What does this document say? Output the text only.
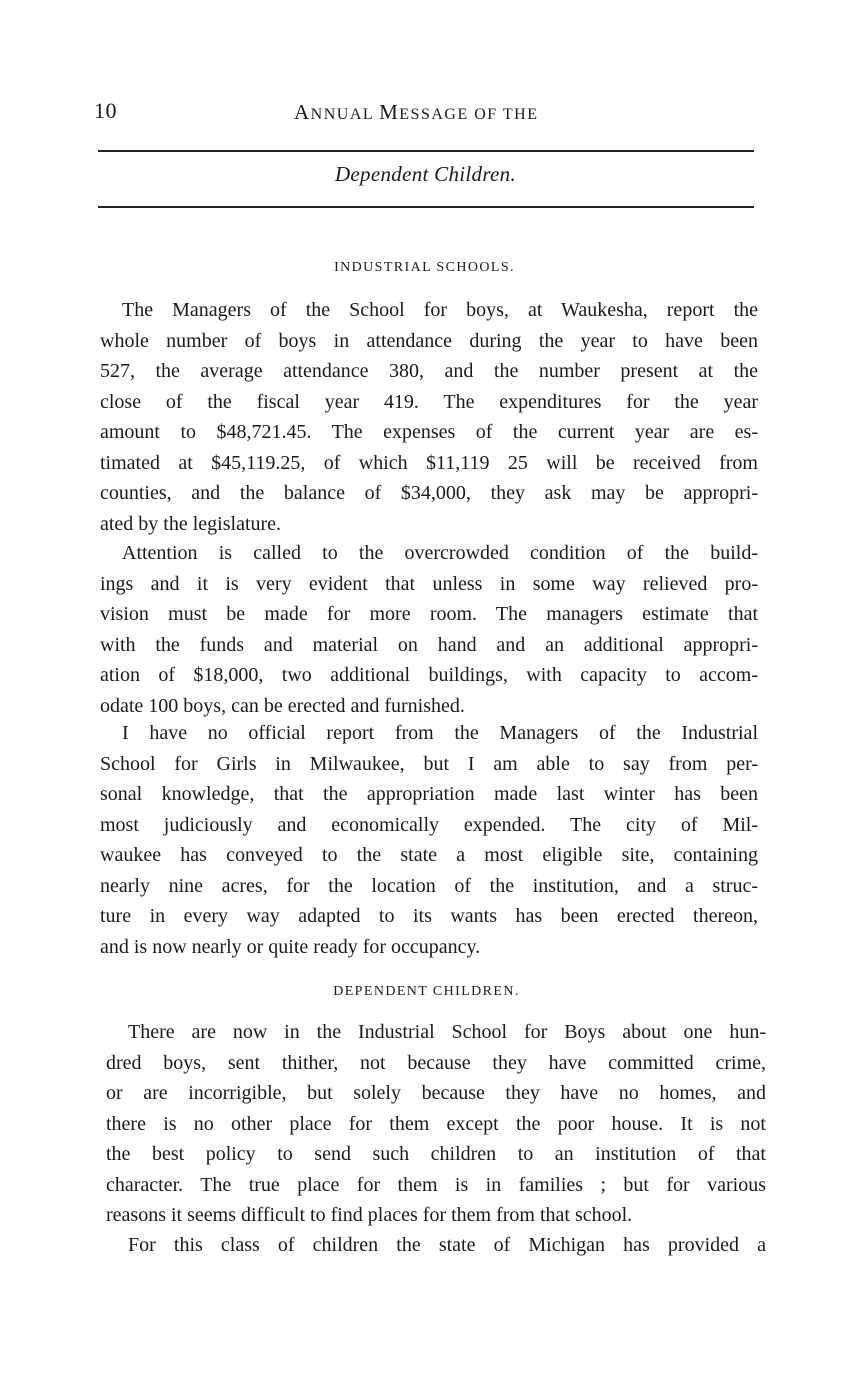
10	ANNUAL MESSAGE OF THE
Dependent Children.
INDUSTRIAL SCHOOLS.
The Managers of the School for boys, at Waukesha, report the
whole number of boys in attendance during the year to have been
527, the average attendance 380, and the number present at the
close of the fiscal year 419. The expenditures for the year
amount to $48,721.45. The expenses of the current year are es-
timated at $45,119.25, of which $11,119 25 will be received from
counties, and the balance of $34,000, they ask may be appropri-
ated by the legislature.
Attention is called to the overcrowded condition of the build-
ings and it is very evident that unless in some way relieved pro-
vision must be made for more room. The managers estimate that
with the funds and material on hand and an additional appropri-
ation of $18,000, two additional buildings, with capacity to accom-
odate 100 boys, can be erected and furnished.
I have no official report from the Managers of the Industrial
School for Girls in Milwaukee, but I am able to say from per-
sonal knowledge, that the appropriation made last winter has been
most judiciously and economically expended. The city of Mil-
waukee has conveyed to the state a most eligible site, containing
nearly nine acres, for the location of the institution, and a struc-
ture in every way adapted to its wants has been erected thereon,
and is now nearly or quite ready for occupancy.
DEPENDENT CHILDREN.
There are now in the Industrial School for Boys about one hun-
dred boys, sent thither, not because they have committed crime,
or are incorrigible, but solely because they have no homes, and
there is no other place for them except the poor house. It is not
the best policy to send such children to an institution of that
character. The true place for them is in families ; but for various
reasons it seems difficult to find places for them from that school.
For this class of children the state of Michigan has provided a
